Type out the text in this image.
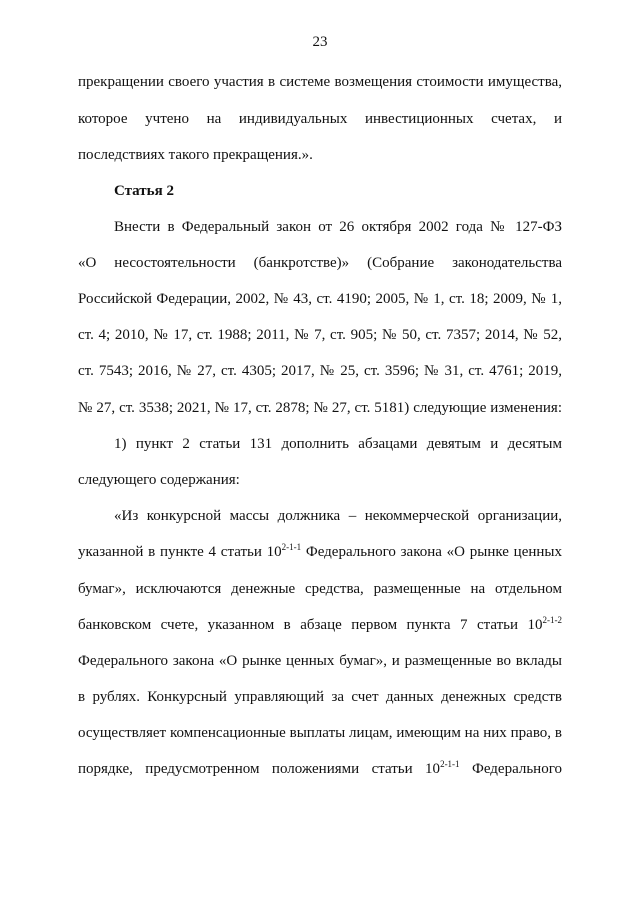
23
прекращении своего участия в системе возмещения стоимости имущества,
которое учтено на индивидуальных инвестиционных счетах, и
последствиях такого прекращения.».
Статья 2
Внести в Федеральный закон от 26 октября 2002 года № 127-ФЗ
«О несостоятельности (банкротстве)» (Собрание законодательства
Российской Федерации, 2002, № 43, ст. 4190; 2005, № 1, ст. 18; 2009, № 1,
ст. 4; 2010, № 17, ст. 1988; 2011, № 7, ст. 905; № 50, ст. 7357; 2014, № 52,
ст. 7543; 2016, № 27, ст. 4305; 2017, № 25, ст. 3596; № 31, ст. 4761; 2019,
№ 27, ст. 3538; 2021, № 17, ст. 2878; № 27, ст. 5181) следующие изменения:
1) пункт 2 статьи 131 дополнить абзацами девятым и десятым
следующего содержания:
«Из конкурсной массы должника – некоммерческой организации,
указанной в пункте 4 статьи 10$^{2-1-1}$ Федерального закона «О рынке ценных
бумаг», исключаются денежные средства, размещенные на отдельном
банковском счете, указанном в абзаце первом пункта 7 статьи 10$^{2-1-2}$
Федерального закона «О рынке ценных бумаг», и размещенные во вклады
в рублях. Конкурсный управляющий за счет данных денежных средств
осуществляет компенсационные выплаты лицам, имеющим на них право, в
порядке, предусмотренном положениями статьи 10$^{2-1-1}$ Федерального
